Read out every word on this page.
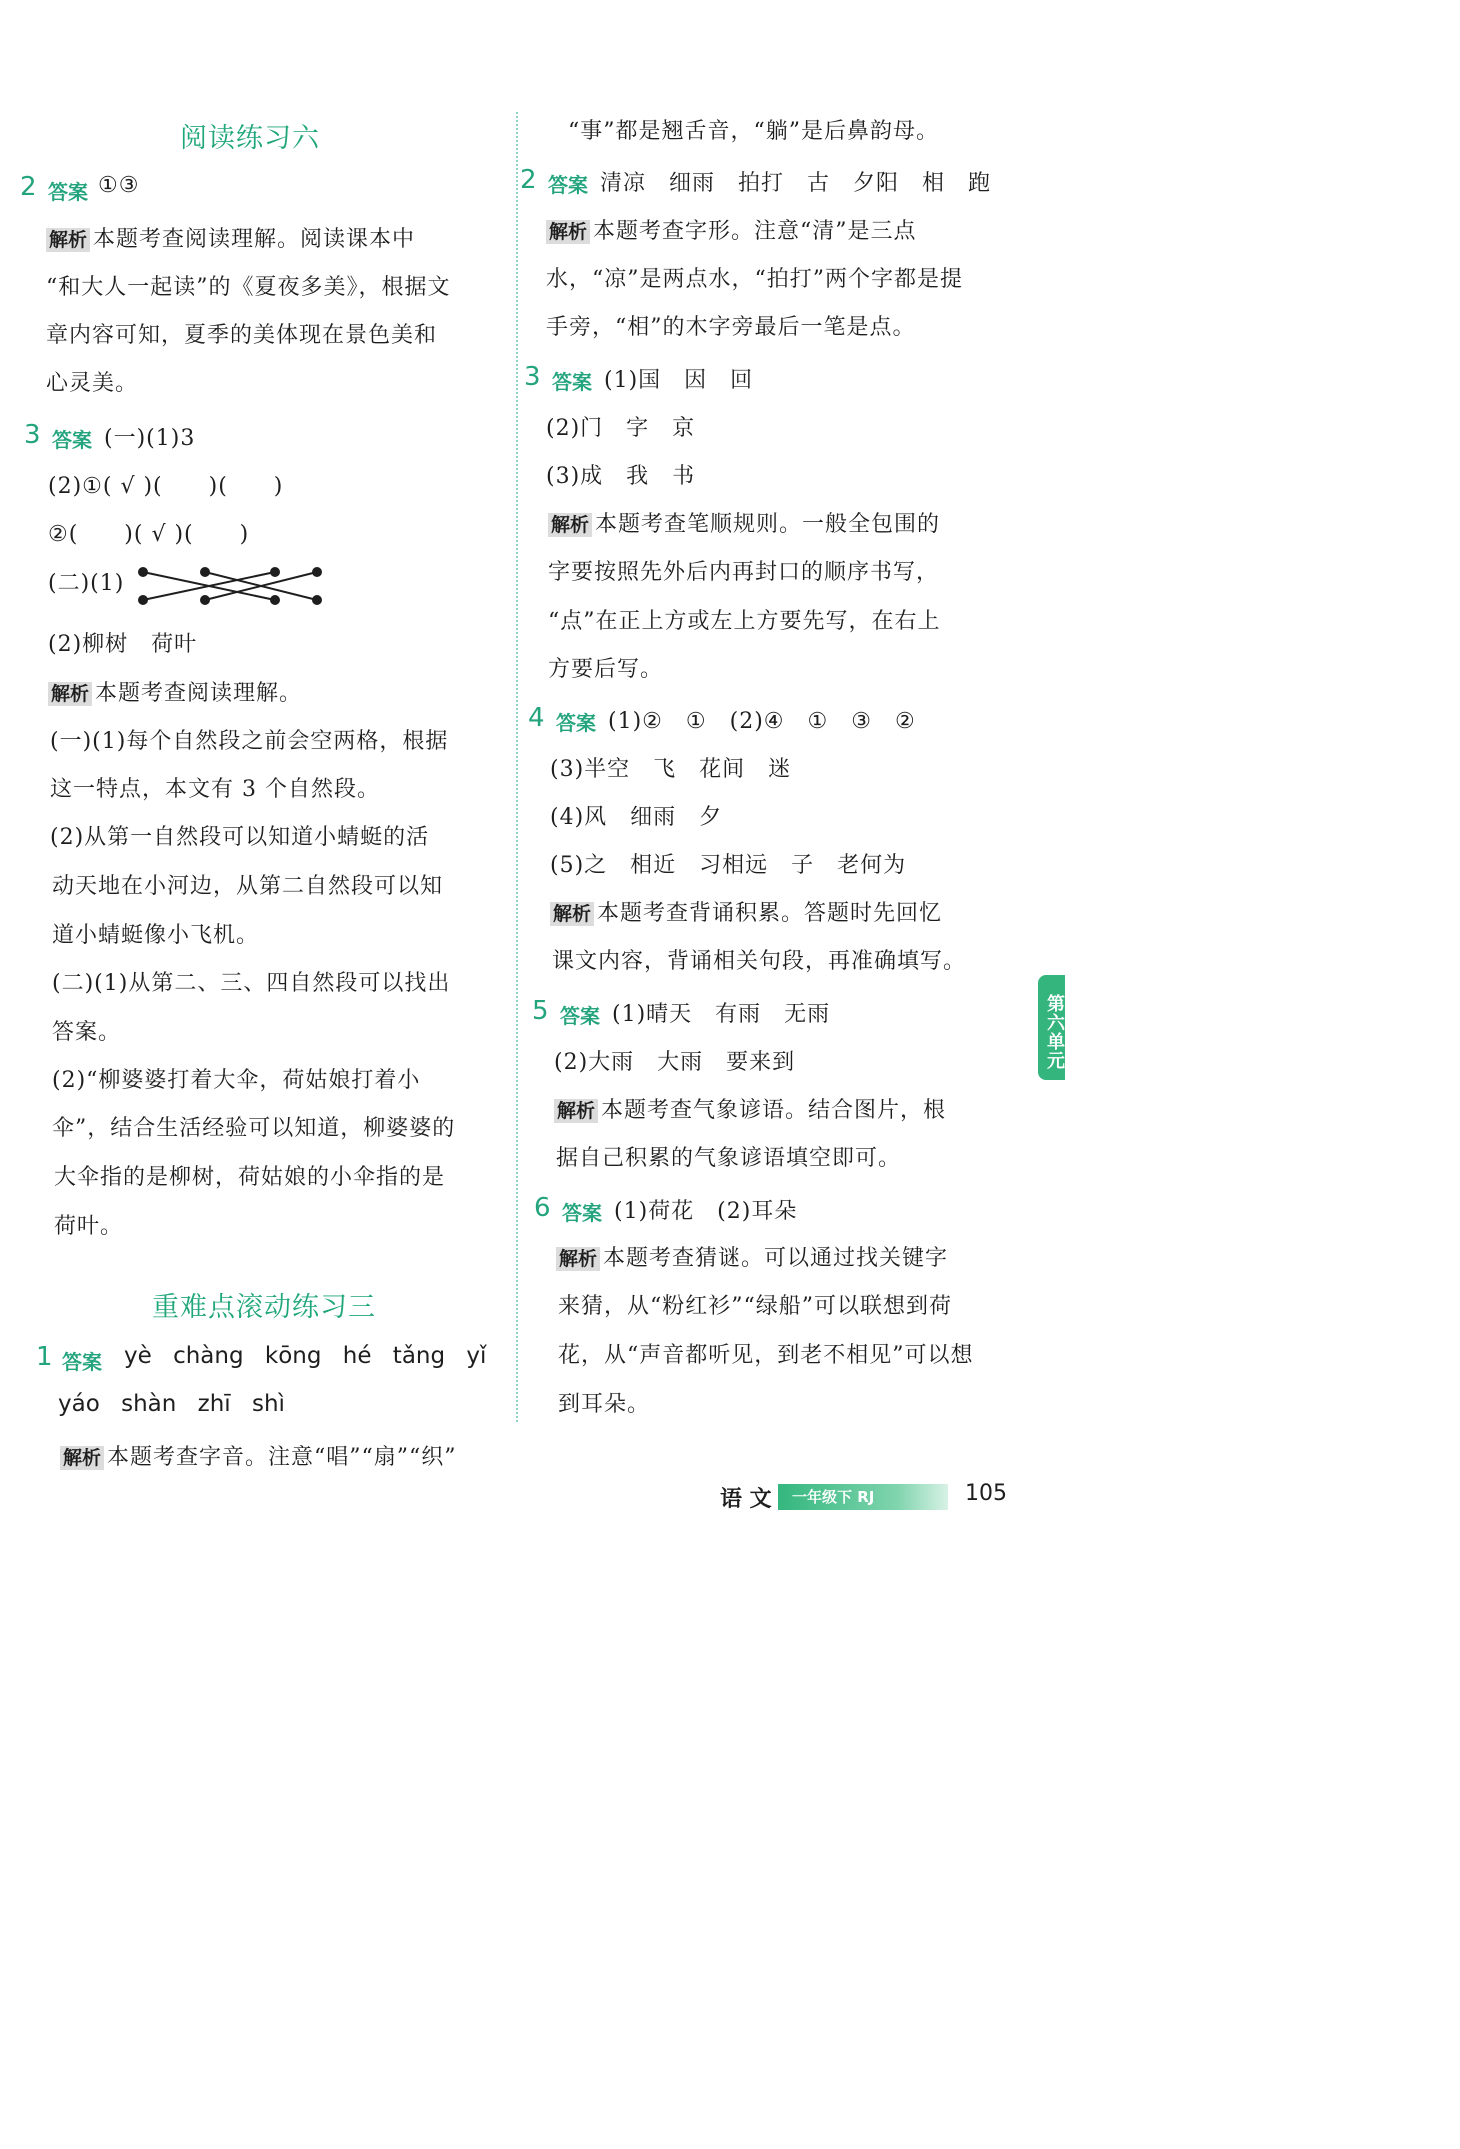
阅读练习六
2 答案 ①③
解析 本题考查阅读理解。阅读课本中
“和大人一起读”的《夏夜多美》，根据文
章内容可知，夏季的美体现在景色美和
心灵美。
3 答案 (一)(1)3
(2)①( √ )(　　)(　　)
②(　　)( √ )(　　)
(二)(1)
(2)柳树　荷叶
解析 本题考查阅读理解。
(一)(1)每个自然段之前会空两格，根据
这一特点，本文有 3 个自然段。
(2)从第一自然段可以知道小蜻蜓的活
动天地在小河边，从第二自然段可以知
道小蜻蜓像小飞机。
(二)(1)从第二、三、四自然段可以找出
答案。
(2)“柳婆婆打着大伞，荷姑娘打着小
伞”，结合生活经验可以知道，柳婆婆的
大伞指的是柳树，荷姑娘的小伞指的是
荷叶。
重难点滚动练习三
1 答案 yè chàng kōng hé tǎng yǐ
yáo shàn zhī shì
解析 本题考查字音。注意“唱”“扇”“织”
“事”都是翘舌音，“躺”是后鼻韵母。
2 答案 清凉　细雨　拍打　古　夕阳　相　跑
解析 本题考查字形。注意“清”是三点
水，“凉”是两点水，“拍打”两个字都是提
手旁，“相”的木字旁最后一笔是点。
3 答案 (1)国　因　回
(2)门　字　京
(3)成　我　书
解析 本题考查笔顺规则。一般全包围的
字要按照先外后内再封口的顺序书写，
“点”在正上方或左上方要先写，在右上
方要后写。
4 答案 (1)②　①　(2)④　①　③　②
(3)半空　飞　花间　迷
(4)风　细雨　夕
(5)之　相近　习相远　子　老何为
解析 本题考查背诵积累。答题时先回忆
课文内容，背诵相关句段，再准确填写。
5 答案 (1)晴天　有雨　无雨
(2)大雨　大雨　要来到
解析 本题考查气象谚语。结合图片，根
据自己积累的气象谚语填空即可。
6 答案 (1)荷花　(2)耳朵
解析 本题考查猜谜。可以通过找关键字
来猜，从“粉红衫”“绿船”可以联想到荷
花，从“声音都听见，到老不相见”可以想
到耳朵。
第六单元
语 文 一年级下 RJ	105
